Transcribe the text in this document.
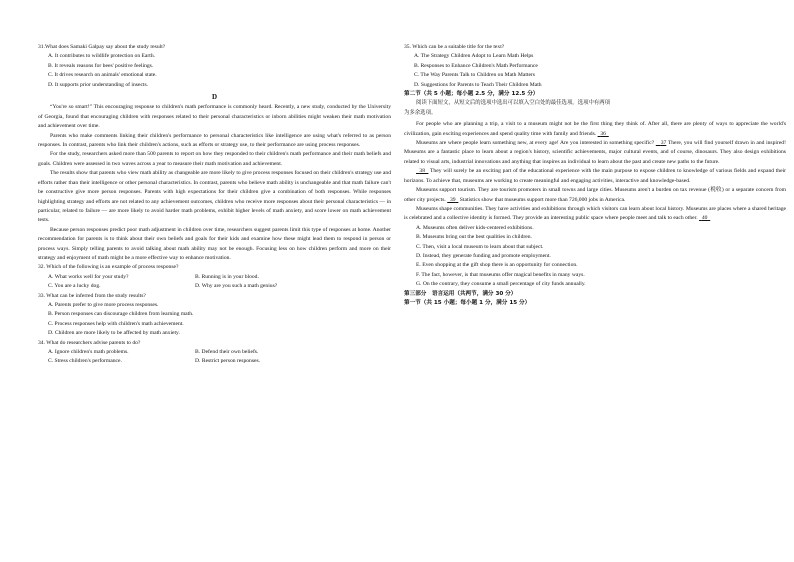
31.What does Samaki Galpay say about the study result?

A. It contributes to wildlife protection on Earth.

B. It reveals reasons for bees' positive feelings.

C. It drives research on animals' emotional state.

D. It supports prior understanding of insects.

D

“You're so smart!” This encouraging response to children's math performance is commonly heard. Recently, a new study, conducted by the University of Georgia, found that encouraging children with responses related to their personal characteristics or inborn abilities might weaken their math motivation and achievement over time.

Parents who make comments linking their children's performance to personal characteristics like intelligence are using what's referred to as person responses. In contrast, parents who link their children's actions, such as efforts or strategy use, to their performance are using process responses.

For the study, researchers asked more than 500 parents to report on how they responded to their children's math performance and their math beliefs and goals. Children were assessed in two waves across a year to measure their math motivation and achievement.

The results show that parents who view math ability as changeable are more likely to give process responses focused on their children's strategy use and efforts rather than their intelligence or other personal characteristics. In contrast, parents who believe math ability is unchangeable and that math failure can't be constructive give more person responses. Parents with high expectations for their children give a combination of both responses. While responses highlighting strategy and efforts are not related to any achievement outcomes, children who receive more responses about their personal characteristics — in particular, related to failure — are more likely to avoid harder math problems, exhibit higher levels of math anxiety, and score lower on math achievement tests.

Because person responses predict poor math adjustment in children over time, researchers suggest parents limit this type of responses at home. Another recommendation for parents is to think about their own beliefs and goals for their kids and examine how these might lead them to respond in person or process ways. Simply telling parents to avoid talking about math ability may not be enough. Focusing less on how children perform and more on their strategy and enjoyment of math might be a more effective way to enhance motivation.

32. Which of the following is an example of process response?

A. What works well for your study?	B. Running is in your blood.
C. You are a lucky dog.	D. Why are you such a math genius?

33. What can be inferred from the study results?

A. Parents prefer to give more process responses.

B. Person responses can discourage children from learning math.

C. Process responses help with children's math achievement.

D. Children are more likely to be affected by math anxiety.

34. What do researchers advise parents to do?

A. Ignore children's math problems.	B. Defend their own beliefs.
C. Stress children's performance.	D. Restrict person responses.

35. Which can be a suitable title for the text?

A. The Strategy Children Adopt to Learn Math Helps

B. Responses to Enhance Children's Math Performance

C. The Way Parents Talk to Children on Math Matters

D. Suggestions for Parents to Teach Their Children Math

第二节（共 5 小题；每小题 2.5 分，满分 12.5 分）

阅读下面短文，从短文后的选项中选出可以填入空白处的最佳选项。选项中有两项

为多余选项。

For people who are planning a trip, a visit to a museum might not be the first thing they think of. After all, there are plenty of ways to appreciate the world's civilization, gain exciting experiences and spend quality time with family and friends. 36

Museums are where people learn something new, at every age! Are you interested in something specific? 37 There, you will find yourself drawn in and inspired! Museums are a fantastic place to learn about a region's history, scientific achievements, major cultural events, and of course, dinosaurs. They also design exhibitions related to visual arts, industrial innovations and anything that inspires an individual to learn about the past and create new paths to the future.

38 They will surely be an exciting part of the educational experience with the main purpose to expose children to knowledge of various fields and expand their horizons. To achieve that, museums are working to create meaningful and engaging activities, interactive and knowledge-based.

Museums support tourism. They are tourism promoters in small towns and large cities. Museums aren't a burden on tax revenue (税收) or a separate concern from other city projects. 39 Statistics show that museums support more than 726,000 jobs in America.

Museums shape communities. They have activities and exhibitions through which visitors can learn about local history. Museums are places where a shared heritage is celebrated and a collective identity is formed. They provide an interesting public space where people meet and talk to each other. 40

A. Museums often deliver kids-centered exhibitions.

B. Museums bring out the best qualities in children.

C. Then, visit a local museum to learn about that subject.

D. Instead, they generate funding and promote employment.

E. Even shopping at the gift shop there is an opportunity for connection.

F. The fact, however, is that museums offer magical benefits in many ways.

G. On the contrary, they consume a small percentage of city funds annually.

第三部分　语言运用（共两节，满分 30 分）

第一节（共 15 小题；每小题 1 分，满分 15 分）
